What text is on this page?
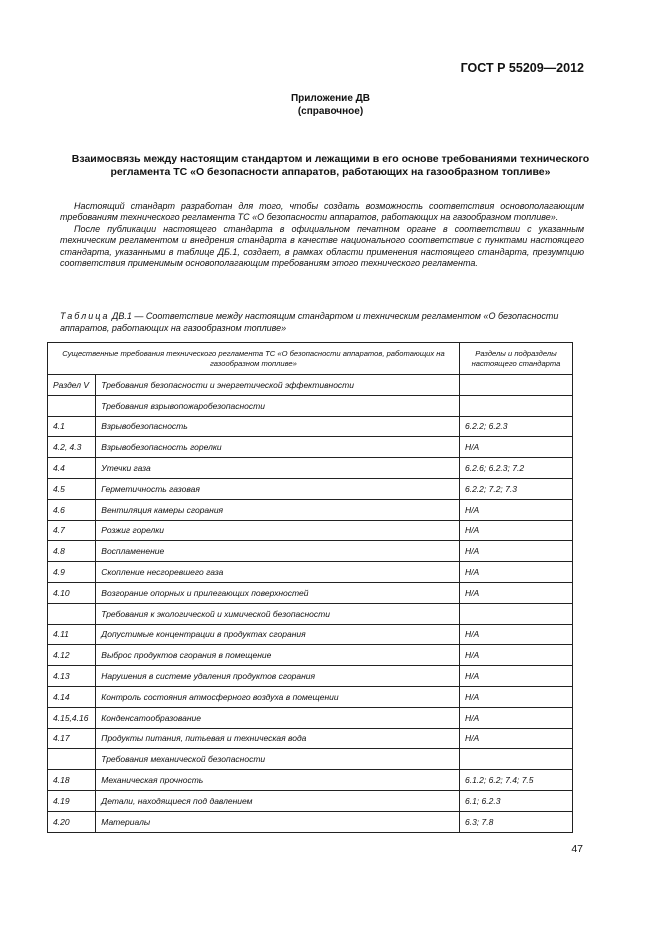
ГОСТ Р 55209—2012
Приложение ДВ
(справочное)
Взаимосвязь между настоящим стандартом и лежащими в его основе требованиями технического регламента ТС «О безопасности аппаратов, работающих на газообразном топливе»

Настоящий стандарт разработан для того, чтобы создать возможность соответствия основополагающим требованиям технического регламента ТС «О безопасности аппаратов, работающих на газообразном топливе».

После публикации настоящего стандарта в официальном печатном органе в соответствии с указанным техническим регламентом и внедрения стандарта в качестве национального соответствие с пунктами настоящего стандарта, указанными в таблице ДБ.1, создает, в рамках области применения настоящего стандарта, презумпцию соответствия применимым основополагающим требованиям этого технического регламента.

Таблица ДВ.1 — Соответствие между настоящим стандартом и техническим регламентом «О безопасности аппаратов, работающих на газообразном топливе»
Существенные требования технического регламента ТС «О безопасности аппаратов, работающих на газообразном топливе»		Разделы и подразделы настоящего стандарта
Раздел V	Требования безопасности и энергетической эффективности	
	Требования взрывопожаробезопасности	
4.1	Взрывобезопасность	6.2.2; 6.2.3
4.2, 4.3	Взрывобезопасность горелки	Н/А
4.4	Утечки газа	6.2.6; 6.2.3; 7.2
4.5	Герметичность газовая	6.2.2; 7.2; 7.3
4.6	Вентиляция камеры сгорания	Н/А
4.7	Розжиг горелки	Н/А
4.8	Воспламенение	Н/А
4.9	Скопление несгоревшего газа	Н/А
4.10	Возгорание опорных и прилегающих поверхностей	Н/А
	Требования к экологической и химической безопасности	
4.11	Допустимые концентрации в продуктах сгорания	Н/А
4.12	Выброс продуктов сгорания в помещение	Н/А
4.13	Нарушения в системе удаления продуктов сгорания	Н/А
4.14	Контроль состояния атмосферного воздуха в помещении	Н/А
4.15,4.16	Конденсатообразование	Н/А
4.17	Продукты питания, питьевая и техническая вода	Н/А
	Требования механической безопасности	
4.18	Механическая прочность	6.1.2; 6.2; 7.4; 7.5
4.19	Детали, находящиеся под давлением	6.1; 6.2.3
4.20	Материалы	6.3; 7.8
47
